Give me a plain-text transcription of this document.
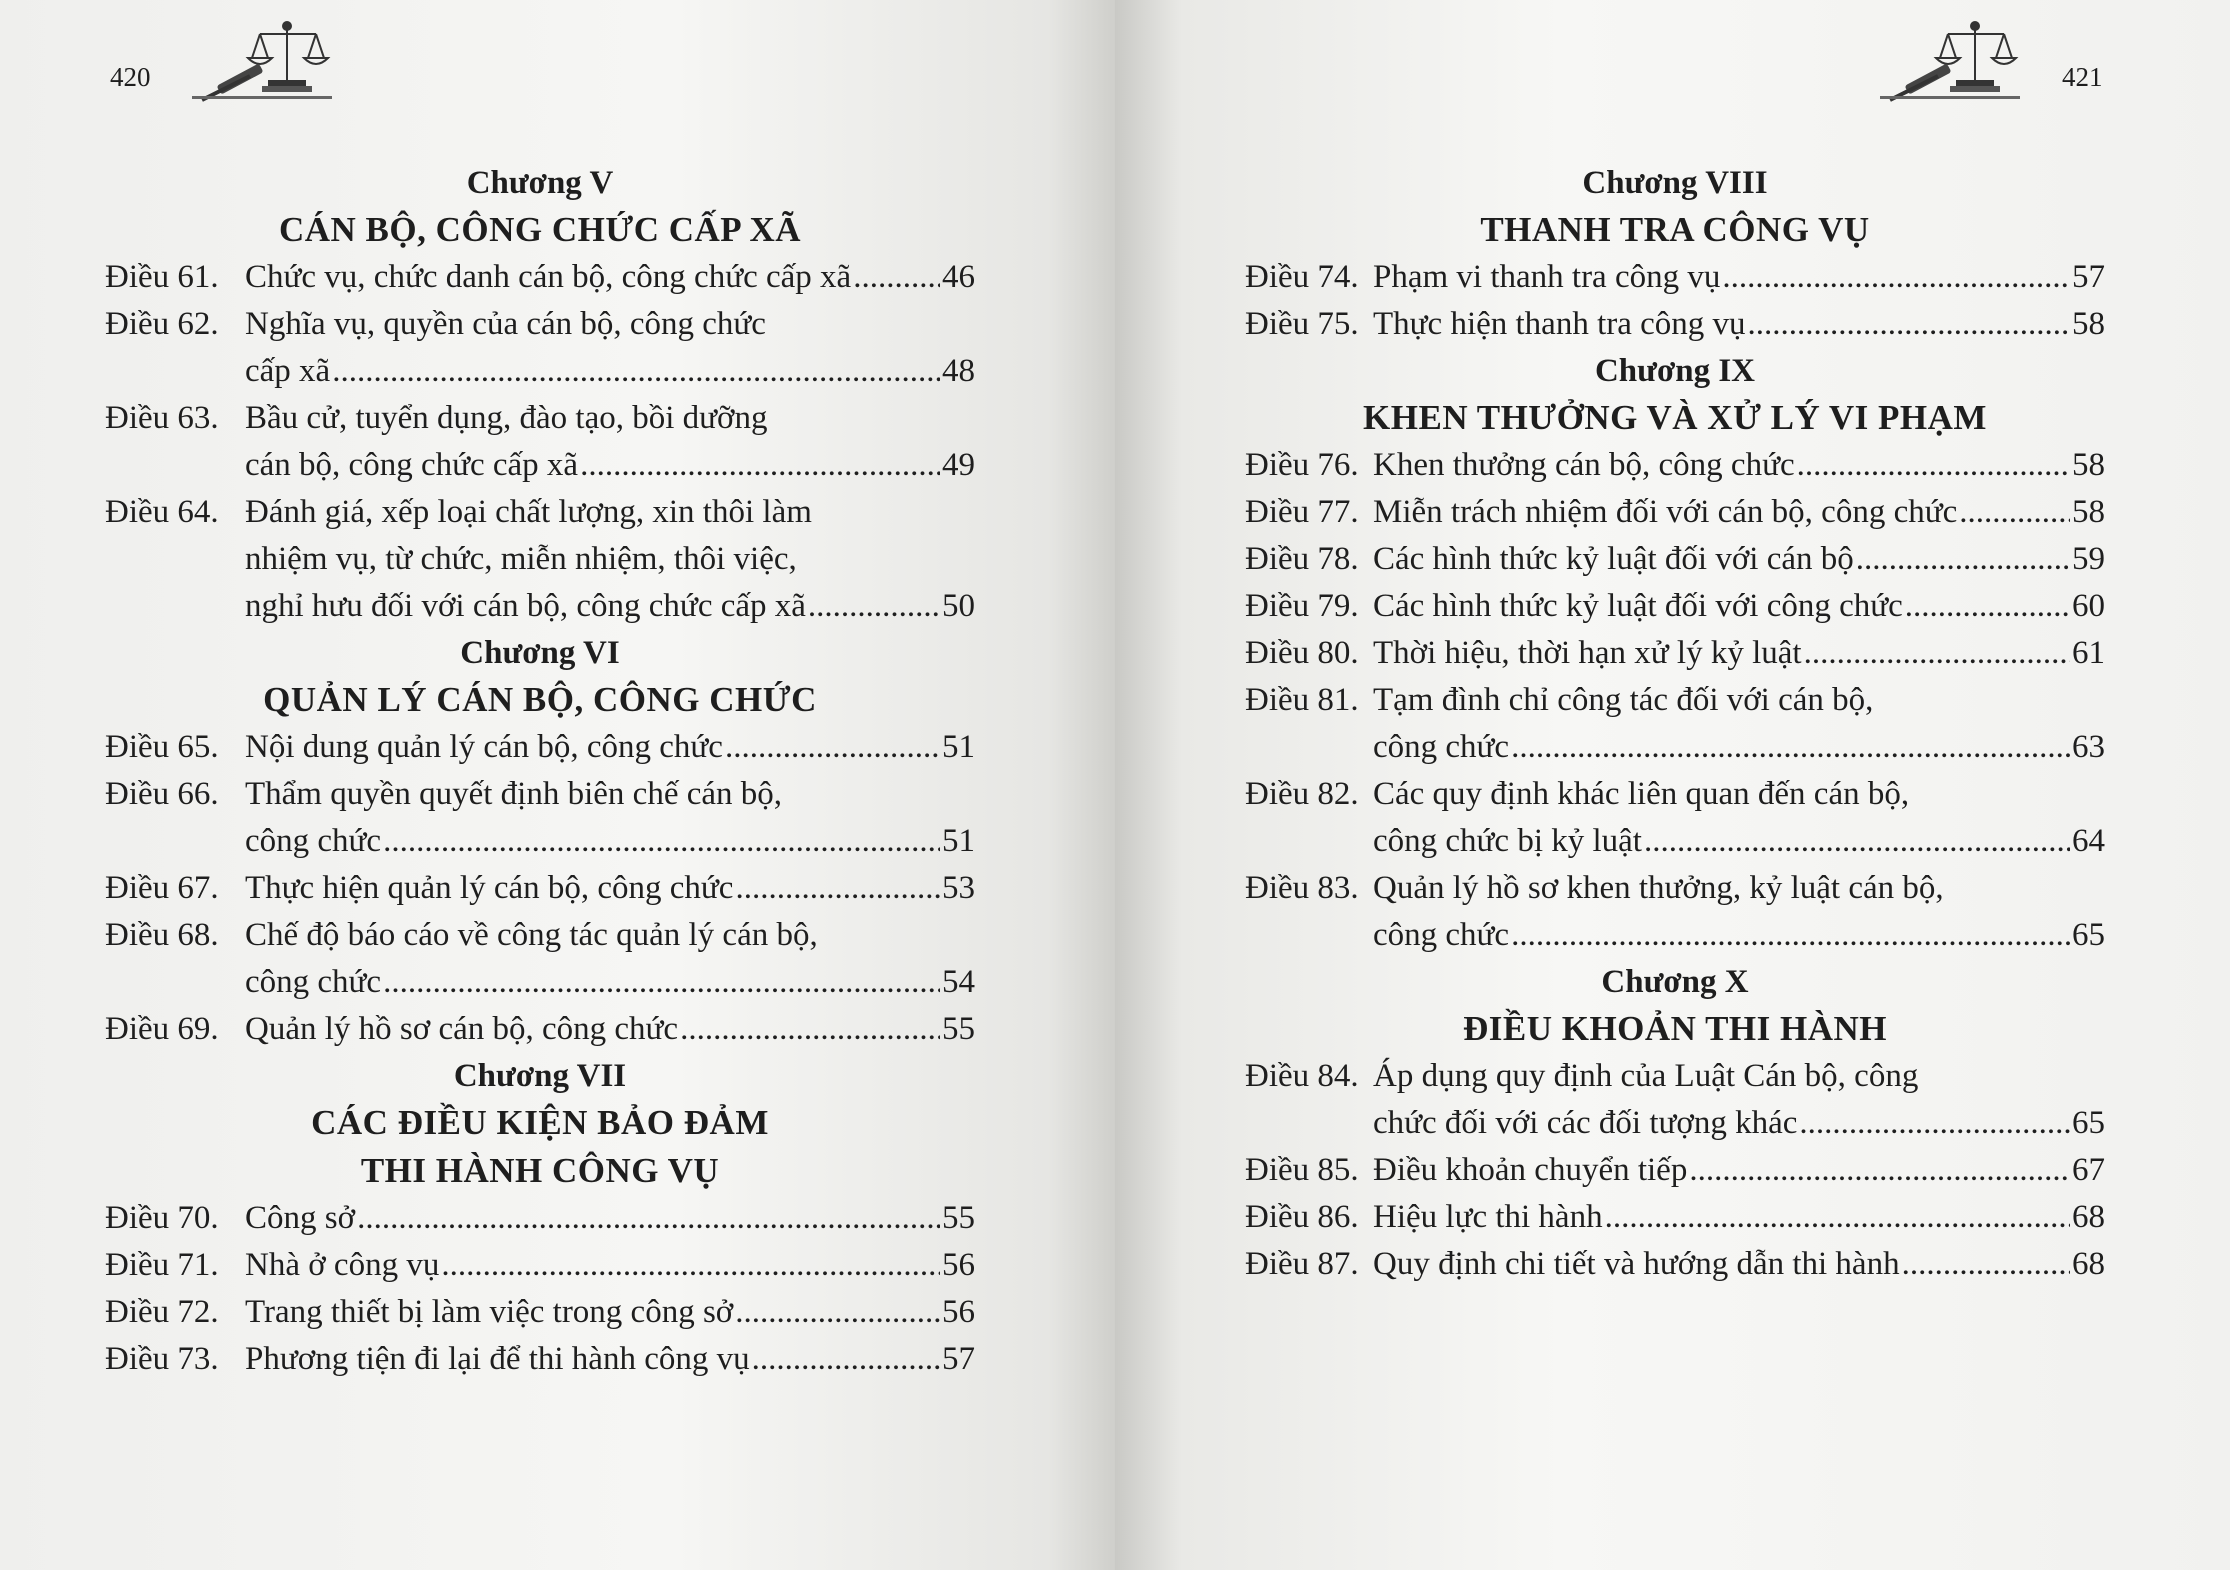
420
Chương V
CÁN BỘ, CÔNG CHỨC CẤP XÃ
Điều 61. Chức vụ, chức danh cán bộ, công chức cấp xã .....	46
Điều 62. Nghĩa vụ, quyền của cán bộ, công chức
cấp xã .....	48
Điều 63. Bầu cử, tuyển dụng, đào tạo, bồi dưỡng
cán bộ, công chức cấp xã .....	49
Điều 64. Đánh giá, xếp loại chất lượng, xin thôi làm
nhiệm vụ, từ chức, miễn nhiệm, thôi việc,
nghỉ hưu đối với cán bộ, công chức cấp xã .....	50
Chương VI
QUẢN LÝ CÁN BỘ, CÔNG CHỨC
Điều 65. Nội dung quản lý cán bộ, công chức .....	51
Điều 66. Thẩm quyền quyết định biên chế cán bộ,
công chức .....	51
Điều 67. Thực hiện quản lý cán bộ, công chức .....	53
Điều 68. Chế độ báo cáo về công tác quản lý cán bộ,
công chức .....	54
Điều 69. Quản lý hồ sơ cán bộ, công chức .....	55
Chương VII
CÁC ĐIỀU KIỆN BẢO ĐẢM
THI HÀNH CÔNG VỤ
Điều 70. Công sở .....	55
Điều 71. Nhà ở công vụ .....	56
Điều 72. Trang thiết bị làm việc trong công sở .....	56
Điều 73. Phương tiện đi lại để thi hành công vụ .....	57
421
Chương VIII
THANH TRA CÔNG VỤ
Điều 74. Phạm vi thanh tra công vụ .....	57
Điều 75. Thực hiện thanh tra công vụ .....	58
Chương IX
KHEN THƯỞNG VÀ XỬ LÝ VI PHẠM
Điều 76. Khen thưởng cán bộ, công chức .....	58
Điều 77. Miễn trách nhiệm đối với cán bộ, công chức .....	58
Điều 78. Các hình thức kỷ luật đối với cán bộ .....	59
Điều 79. Các hình thức kỷ luật đối với công chức .....	60
Điều 80. Thời hiệu, thời hạn xử lý kỷ luật .....	61
Điều 81. Tạm đình chỉ công tác đối với cán bộ,
công chức .....	63
Điều 82. Các quy định khác liên quan đến cán bộ,
công chức bị kỷ luật .....	64
Điều 83. Quản lý hồ sơ khen thưởng, kỷ luật cán bộ,
công chức .....	65
Chương X
ĐIỀU KHOẢN THI HÀNH
Điều 84. Áp dụng quy định của Luật Cán bộ, công
chức đối với các đối tượng khác .....	65
Điều 85. Điều khoản chuyển tiếp .....	67
Điều 86. Hiệu lực thi hành .....	68
Điều 87. Quy định chi tiết và hướng dẫn thi hành .....	68
